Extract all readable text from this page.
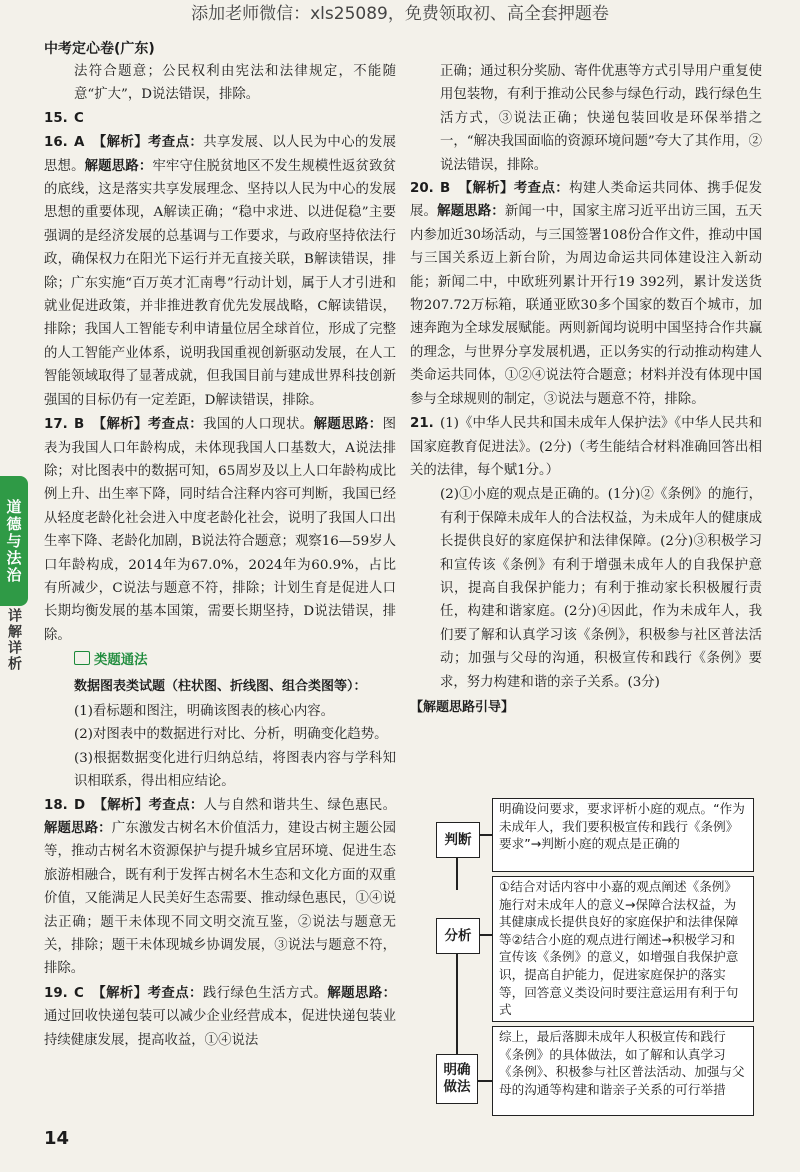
添加老师微信：xls25089，免费领取初、高全套押题卷
中考定心卷(广东)
道德与法治
详解详析

法符合题意；公民权利由宪法和法律规定，不能随意“扩大”，D说法错误，排除。

15. C

16. A 【解析】考查点：共享发展、以人民为中心的发展思想。解题思路：牢牢守住脱贫地区不发生规模性返贫致贫的底线，这是落实共享发展理念、坚持以人民为中心的发展思想的重要体现，A解读正确；“稳中求进、以进促稳”主要强调的是经济发展的总基调与工作要求，与政府坚持依法行政，确保权力在阳光下运行并无直接关联，B解读错误，排除；广东实施“百万英才汇南粤”行动计划，属于人才引进和就业促进政策，并非推进教育优先发展战略，C解读错误，排除；我国人工智能专利申请量位居全球首位，形成了完整的人工智能产业体系，说明我国重视创新驱动发展，在人工智能领域取得了显著成就，但我国目前与建成世界科技创新强国的目标仍有一定差距，D解读错误，排除。

17. B 【解析】考查点：我国的人口现状。解题思路：图表为我国人口年龄构成，未体现我国人口基数大，A说法排除；对比图表中的数据可知，65周岁及以上人口年龄构成比例上升、出生率下降，同时结合注释内容可判断，我国已经从轻度老龄化社会进入中度老龄化社会，说明了我国人口出生率下降、老龄化加剧，B说法符合题意；观察16—59岁人口年龄构成，2014年为67.0%，2024年为60.9%，占比有所减少，C说法与题意不符，排除；计划生育是促进人口长期均衡发展的基本国策，需要长期坚持，D说法错误，排除。

类题通法

数据图表类试题（柱状图、折线图、组合类图等）：

(1)看标题和图注，明确该图表的核心内容。

(2)对图表中的数据进行对比、分析，明确变化趋势。

(3)根据数据变化进行归纳总结，将图表内容与学科知识相联系，得出相应结论。

18. D 【解析】考查点：人与自然和谐共生、绿色惠民。解题思路：广东激发古树名木价值活力，建设古树主题公园等，推动古树名木资源保护与提升城乡宜居环境、促进生态旅游相融合，既有利于发挥古树名木生态和文化方面的双重价值，又能满足人民美好生态需要、推动绿色惠民，①④说法正确；题干未体现不同文明交流互鉴，②说法与题意无关，排除；题干未体现城乡协调发展，③说法与题意不符，排除。

19. C 【解析】考查点：践行绿色生活方式。解题思路：通过回收快递包装可以减少企业经营成本，促进快递包装业持续健康发展，提高收益，①④说法

正确；通过积分奖励、寄件优惠等方式引导用户重复使用包装物，有利于推动公民参与绿色行动，践行绿色生活方式，③说法正确；快递包装回收是环保举措之一，“解决我国面临的资源环境问题”夸大了其作用，②说法错误，排除。

20. B 【解析】考查点：构建人类命运共同体、携手促发展。解题思路：新闻一中，国家主席习近平出访三国，五天内参加近30场活动，与三国签署108份合作文件，推动中国与三国关系迈上新台阶，为周边命运共同体建设注入新动能；新闻二中，中欧班列累计开行19 392列，累计发送货物207.72万标箱，联通亚欧30多个国家的数百个城市，加速奔跑为全球发展赋能。两则新闻均说明中国坚持合作共赢的理念，与世界分享发展机遇，正以务实的行动推动构建人类命运共同体，①②④说法符合题意；材料并没有体现中国参与全球规则的制定，③说法与题意不符，排除。

21. (1)《中华人民共和国未成年人保护法》《中华人民共和国家庭教育促进法》。(2分)（考生能结合材料准确回答出相关的法律，每个赋1分。）

(2)①小庭的观点是正确的。(1分)②《条例》的施行，有利于保障未成年人的合法权益，为未成年人的健康成长提供良好的家庭保护和法律保障。(2分)③积极学习和宣传该《条例》有利于增强未成年人的自我保护意识，提高自我保护能力；有利于推动家长积极履行责任，构建和谐家庭。(2分)④因此，作为未成年人，我们要了解和认真学习该《条例》，积极参与社区普法活动；加强与父母的沟通，积极宣传和践行《条例》要求，努力构建和谐的亲子关系。(3分)

【解题思路引导】

判断
明确设问要求，要求评析小庭的观点。“作为未成年人，我们要积极宣传和践行《条例》要求”→判断小庭的观点是正确的
分析
①结合对话内容中小嘉的观点阐述《条例》施行对未成年人的意义→保障合法权益，为其健康成长提供良好的家庭保护和法律保障等②结合小庭的观点进行阐述→积极学习和宣传该《条例》的意义，如增强自我保护意识，提高自护能力，促进家庭保护的落实等，回答意义类设问时要注意运用有利于句式
明确做法
综上，最后落脚未成年人积极宣传和践行《条例》的具体做法，如了解和认真学习《条例》、积极参与社区普法活动、加强与父母的沟通等构建和谐亲子关系的可行举措
14
